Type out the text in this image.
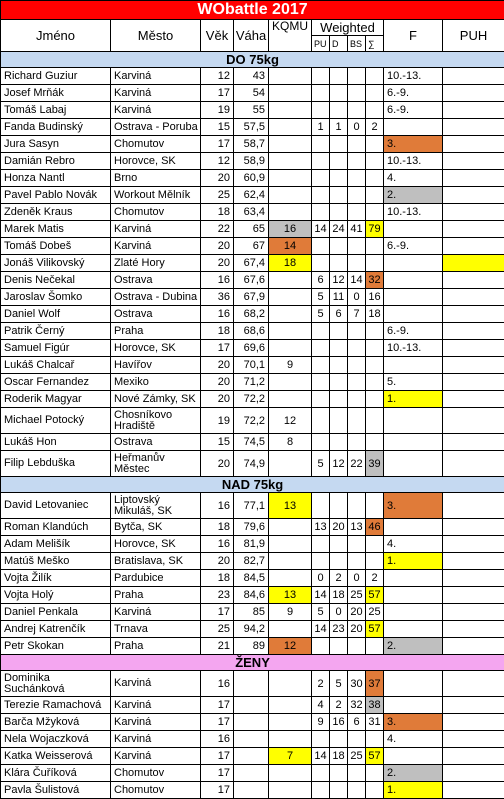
WObattle 2017										
Jméno	Město	Věk	Váha	KQMU	Weighted				F	PUH
					PU	D	BS	∑		
DO 75kg										
Richard Guziur	Karviná	12	43						10.-13.	
Josef Mrňák	Karviná	17	54						6.-9.	
Tomáš Labaj	Karviná	19	55						6.-9.	
Fanda Budinský	Ostrava - Poruba	15	57,5		1	1	0	2		
Jura Sasyn	Chomutov	17	58,7						3.	
Damián Rebro	Horovce, SK	12	58,9						10.-13.	
Honza Nantl	Brno	20	60,9						4.	
Pavel Pablo Novák	Workout Mělník	25	62,4						2.	
Zdeněk Kraus	Chomutov	18	63,4						10.-13.	
Marek Matis	Karviná	22	65	16	14	24	41	79		
Tomáš Dobeš	Karviná	20	67	14					6.-9.	
Jonáš Vilikovský	Zlaté Hory	20	67,4	18						
Denis Nečekal	Ostrava	16	67,6		6	12	14	32		
Jaroslav Šomko	Ostrava - Dubina	36	67,9		5	11	0	16		
Daniel Wolf	Ostrava	16	68,2		5	6	7	18		
Patrik Černý	Praha	18	68,6						6.-9.	
Samuel Figúr	Horovce, SK	17	69,6						10.-13.	
Lukáš Chalcař	Havířov	20	70,1	9						
Oscar Fernandez	Mexiko	20	71,2						5.	
Roderik Magyar	Nové Zámky, SK	20	72,2						1.	
Michael Potocký	Chosníkovo Hradiště	19	72,2	12						
Lukáš Hon	Ostrava	15	74,5	8						
Filip Lebduška	Heřmanův Městec	20	74,9		5	12	22	39		
NAD 75kg										
David Letovaniec	Liptovský Mikuláš, SK	16	77,1	13					3.	
Roman Klandúch	Bytča, SK	18	79,6		13	20	13	46		
Adam Melišík	Horovce, SK	16	81,9						4.	
Matúš Meško	Bratislava, SK	20	82,7						1.	
Vojta Žilík	Pardubice	18	84,5		0	2	0	2		
Vojta Holý	Praha	23	84,6	13	14	18	25	57		
Daniel Penkala	Karviná	17	85	9	5	0	20	25		
Andrej Katrenčík	Trnava	25	94,2		14	23	20	57		
Petr Skokan	Praha	21	89	12					2.	
ŽENY										
Dominika Suchánková	Karviná	16			2	5	30	37		
Terezie Ramachová	Karviná	17			4	2	32	38		
Barča Mžyková	Karviná	17			9	16	6	31	3.	
Nela Wojaczková	Karviná	16							4.	
Katka Weisserová	Karviná	17		7	14	18	25	57		
Klára Čuříková	Chomutov	17							2.	
Pavla Šulistová	Chomutov	17							1.	
